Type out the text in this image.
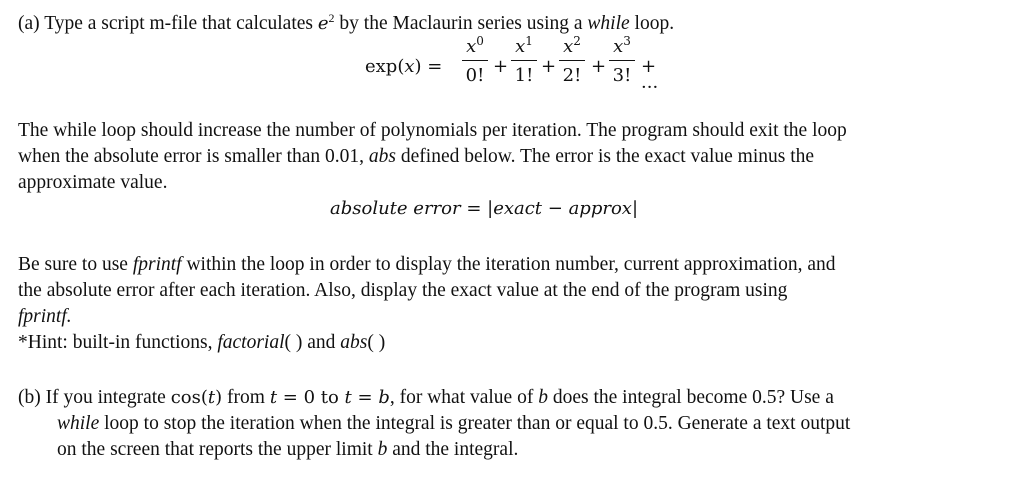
(a) Type a script m-file that calculates $e^2$ by the Maclaurin series using a while loop.
exp(x) =
$x^0$
0! +
$x^1$
1! +
$x^2$
2! +
$x^3$
3! + ···
The while loop should increase the number of polynomials per iteration. The program should exit the loop
when the absolute error is smaller than 0.01, abs defined below. The error is the exact value minus the
approximate value.
absolute error = |exact − approx|
Be sure to use fprintf within the loop in order to display the iteration number, current approximation, and
the absolute error after each iteration. Also, display the exact value at the end of the program using
fprintf.
*Hint: built-in functions, factorial( ) and abs( )
(b) If you integrate cos(t) from t = 0 to t = b, for what value of b does the integral become 0.5? Use a
while loop to stop the iteration when the integral is greater than or equal to 0.5. Generate a text output
on the screen that reports the upper limit b and the integral.
